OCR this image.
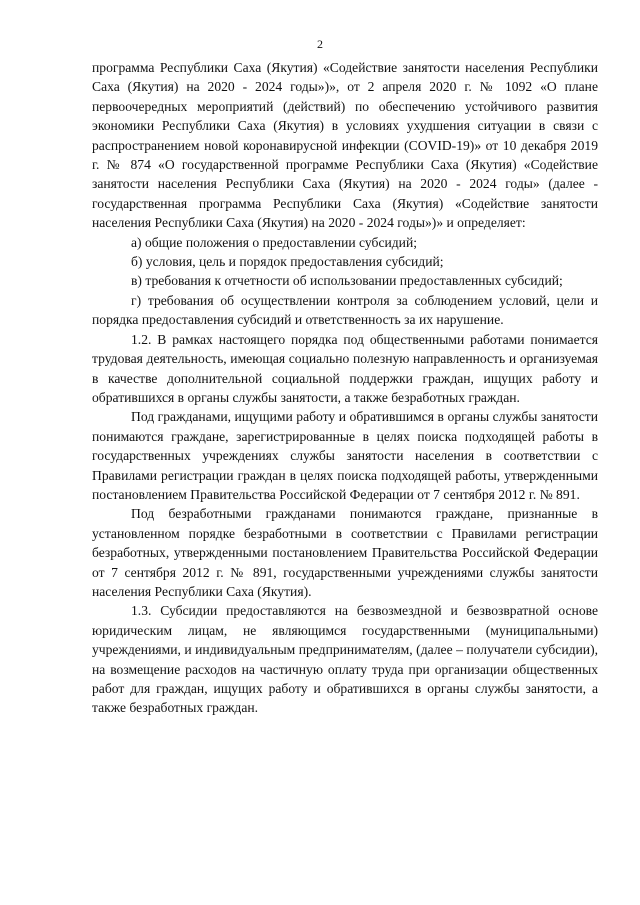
2

программа Республики Саха (Якутия) «Содействие занятости населения Республики Саха (Якутия) на 2020 - 2024 годы»)», от 2 апреля 2020 г. № 1092 «О плане первоочередных мероприятий (действий) по обеспечению устойчивого развития экономики Республики Саха (Якутия) в условиях ухудшения ситуации в связи с распространением новой коронавирусной инфекции (COVID-19)» от 10 декабря 2019 г. № 874 «О государственной программе Республики Саха (Якутия) «Содействие занятости населения Республики Саха (Якутия) на 2020 - 2024 годы» (далее - государственная программа Республики Саха (Якутия) «Содействие занятости населения Республики Саха (Якутия) на 2020 - 2024 годы»)» и определяет:

а) общие положения о предоставлении субсидий;

б) условия, цель и порядок предоставления субсидий;

в) требования к отчетности об использовании предоставленных субсидий;

г) требования об осуществлении контроля за соблюдением условий, цели и порядка предоставления субсидий и ответственность за их нарушение.

1.2. В рамках настоящего порядка под общественными работами понимается трудовая деятельность, имеющая социально полезную направленность и организуемая в качестве дополнительной социальной поддержки граждан, ищущих работу и обратившихся в органы службы занятости, а также безработных граждан.

Под гражданами, ищущими работу и обратившимся в органы службы занятости понимаются граждане, зарегистрированные в целях поиска подходящей работы в государственных учреждениях службы занятости населения в соответствии с Правилами регистрации граждан в целях поиска подходящей работы, утвержденными постановлением Правительства Российской Федерации от 7 сентября 2012 г. № 891.

Под безработными гражданами понимаются граждане, признанные в установленном порядке безработными в соответствии с Правилами регистрации безработных, утвержденными постановлением Правительства Российской Федерации от 7 сентября 2012 г. № 891, государственными учреждениями службы занятости населения Республики Саха (Якутия).

1.3. Субсидии предоставляются на безвозмездной и безвозвратной основе юридическим лицам, не являющимся государственными (муниципальными) учреждениями, и индивидуальным предпринимателям, (далее – получатели субсидии), на возмещение расходов на частичную оплату труда при организации общественных работ для граждан, ищущих работу и обратившихся в органы службы занятости, а также безработных граждан.
